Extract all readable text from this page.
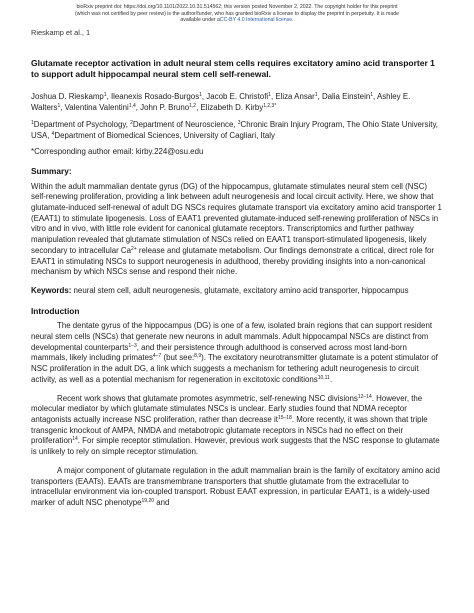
bioRxiv preprint doi: https://doi.org/10.1101/2022.10.31.514562; this version posted November 2, 2022. The copyright holder for this preprint
(which was not certified by peer review) is the author/funder, who has granted bioRxiv a license to display the preprint in perpetuity. It is made
available under aCC-BY 4.0 International license.
Rieskamp et al., 1
Glutamate receptor activation in adult neural stem cells requires excitatory amino acid transporter 1 to support adult hippocampal neural stem cell self-renewal.
Joshua D. Rieskamp$^1$, Ileanexis Rosado-Burgos$^1$, Jacob E. Christofi$^1$, Eliza Ansar$^1$, Dalia Einstein$^1$, Ashley E. Walters$^1$, Valentina Valentini$^{1,4}$, John P. Bruno$^{1,2}$, Elizabeth D. Kirby$^{1,2,3*}$
$^1$Department of Psychology, $^2$Department of Neuroscience, $^3$Chronic Brain Injury Program, The Ohio State University, USA, $^4$Department of Biomedical Sciences, University of Cagliari, Italy
*Corresponding author email: kirby.224@osu.edu
Summary:
Within the adult mammalian dentate gyrus (DG) of the hippocampus, glutamate stimulates neural stem cell (NSC) self-renewing proliferation, providing a link between adult neurogenesis and local circuit activity. Here, we show that glutamate-induced self-renewal of adult DG NSCs requires glutamate transport via excitatory amino acid transporter 1 (EAAT1) to stimulate lipogenesis. Loss of EAAT1 prevented glutamate-induced self-renewing proliferation of NSCs in vitro and in vivo, with little role evident for canonical glutamate receptors. Transcriptomics and further pathway manipulation revealed that glutamate stimulation of NSCs relied on EAAT1 transport-stimulated lipogenesis, likely secondary to intracellular $Ca^{2+}$ release and glutamate metabolism. Our findings demonstrate a critical, direct role for EAAT1 in stimulating NSCs to support neurogenesis in adulthood, thereby providing insights into a non-canonical mechanism by which NSCs sense and respond their niche.
Keywords: neural stem cell, adult neurogenesis, glutamate, excitatory amino acid transporter, hippocampus
Introduction
The dentate gyrus of the hippocampus (DG) is one of a few, isolated brain regions that can support resident neural stem cells (NSCs) that generate new neurons in adult mammals. Adult hippocampal NSCs are distinct from developmental counterparts$^{1-3}$, and their persistence through adulthood is conserved across most land-born mammals, likely including primates$^{4-7}$ (but see:$^{8,9}$). The excitatory neurotransmitter glutamate is a potent stimulator of NSC proliferation in the adult DG, a link which suggests a mechanism for tethering adult neurogenesis to circuit activity, as well as a potential mechanism for regeneration in excitotoxic conditions$^{10,11}$.
Recent work shows that glutamate promotes asymmetric, self-renewing NSC divisions$^{12-14}$. However, the molecular mediator by which glutamate stimulates NSCs is unclear. Early studies found that NDMA receptor antagonists actually increase NSC proliferation, rather than decrease $it^{15-18}$. More recently, it was shown that triple transgenic knockout of AMPA, NMDA and metabotropic glutamate receptors in NSCs had no effect on their proliferation$^{14}$. For simple receptor stimulation. However, previous work suggests that the NSC response to glutamate is unlikely to rely on simple receptor stimulation.
A major component of glutamate regulation in the adult mammalian brain is the family of excitatory amino acid transporters (EAATs). EAATs are transmembrane transporters that shuttle glutamate from the extracellular to intracellular environment via ion-coupled transport. Robust EAAT expression, in particular EAAT1, is a widely-used marker of adult NSC phenotype$^{19,20}$ and
